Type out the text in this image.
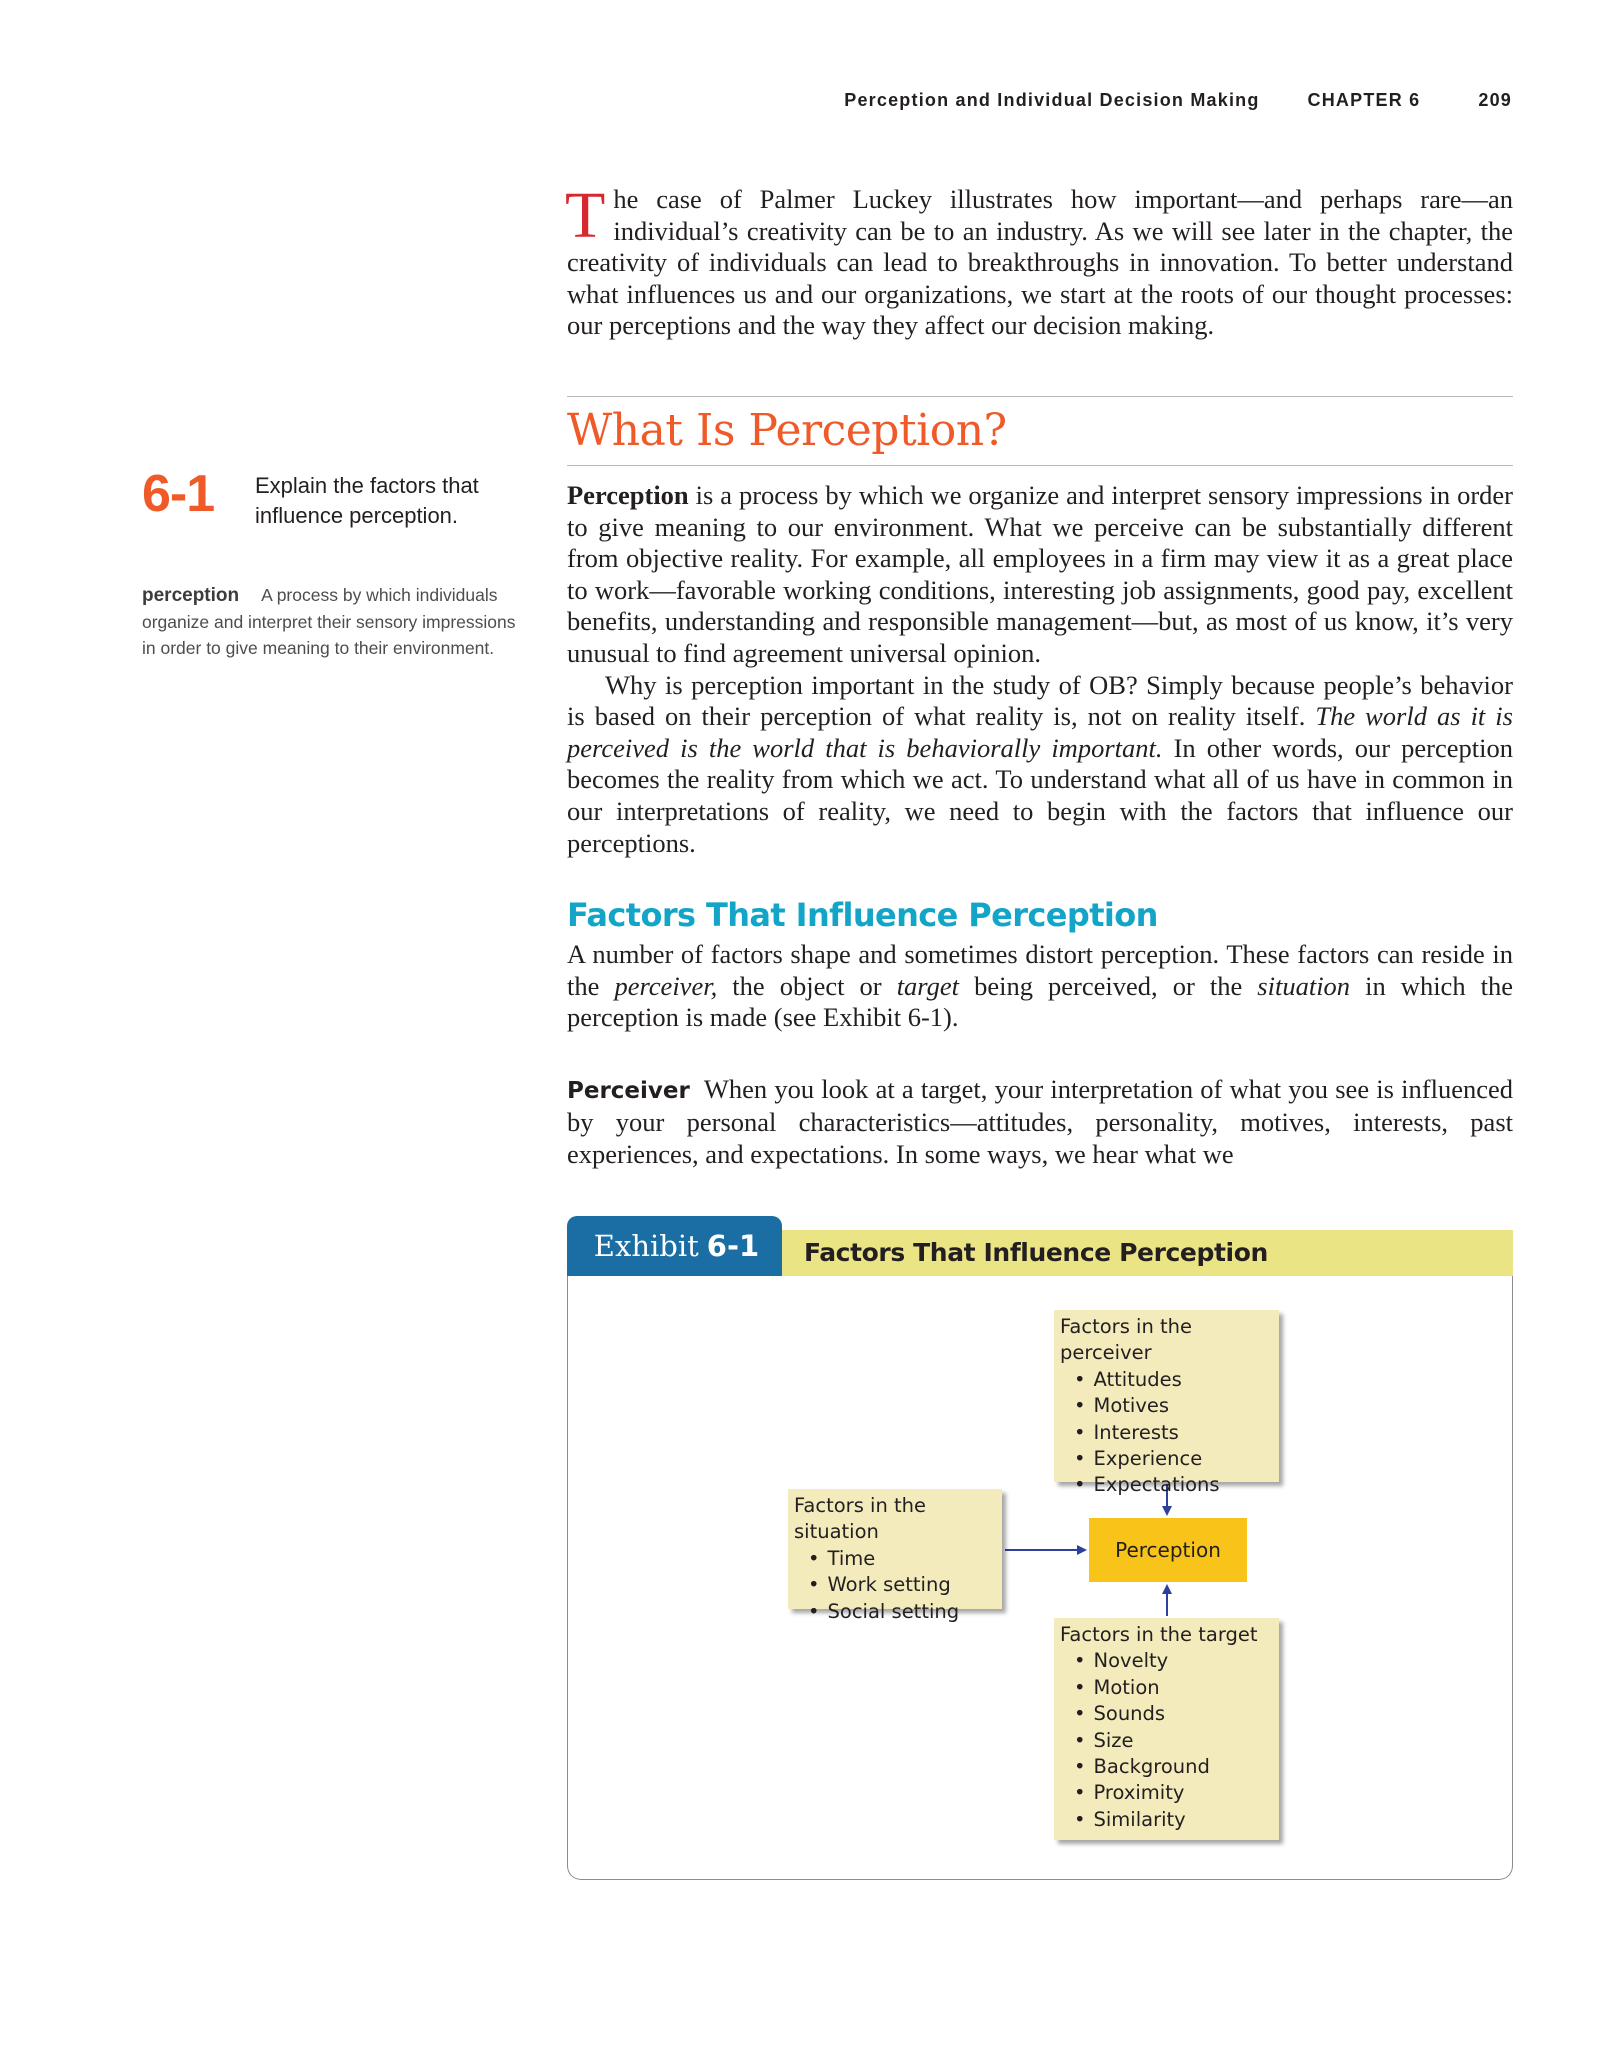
Perception and Individual Decision Making	CHAPTER 6	209
6-1 Explain the factors that influence perception.
perception A process by which individuals organize and interpret their sensory impressions in order to give meaning to their environment.

The case of Palmer Luckey illustrates how important—and perhaps rare—an individual’s creativity can be to an industry. As we will see later in the chapter, the creativity of individuals can lead to breakthroughs in innovation. To better understand what influences us and our organizations, we start at the roots of our thought processes: our perceptions and the way they affect our decision making.

What Is Perception?

Perception is a process by which we organize and interpret sensory impressions in order to give meaning to our environment. What we perceive can be substantially different from objective reality. For example, all employees in a firm may view it as a great place to work—favorable working conditions, interesting job assignments, good pay, excellent benefits, understanding and responsible management—but, as most of us know, it’s very unusual to find agreement universal opinion.

Why is perception important in the study of OB? Simply because people’s behavior is based on their perception of what reality is, not on reality itself. The world as it is perceived is the world that is behaviorally important. In other words, our perception becomes the reality from which we act. To understand what all of us have in common in our interpretations of reality, we need to begin with the factors that influence our perceptions.

Factors That Influence Perception

A number of factors shape and sometimes distort perception. These factors can reside in the perceiver, the object or target being perceived, or the situation in which the perception is made (see Exhibit 6-1).

Perceiver When you look at a target, your interpretation of what you see is influenced by your personal characteristics—attitudes, personality, motives, interests, past experiences, and expectations. In some ways, we hear what we

Exhibit 6-1	Factors That Influence Perception
Factors in the perceiver
• Attitudes
• Motives
• Interests
• Experience
• Expectations
Factors in the situation
• Time
• Work setting
• Social setting
Perception
Factors in the target
• Novelty
• Motion
• Sounds
• Size
• Background
• Proximity
• Similarity
